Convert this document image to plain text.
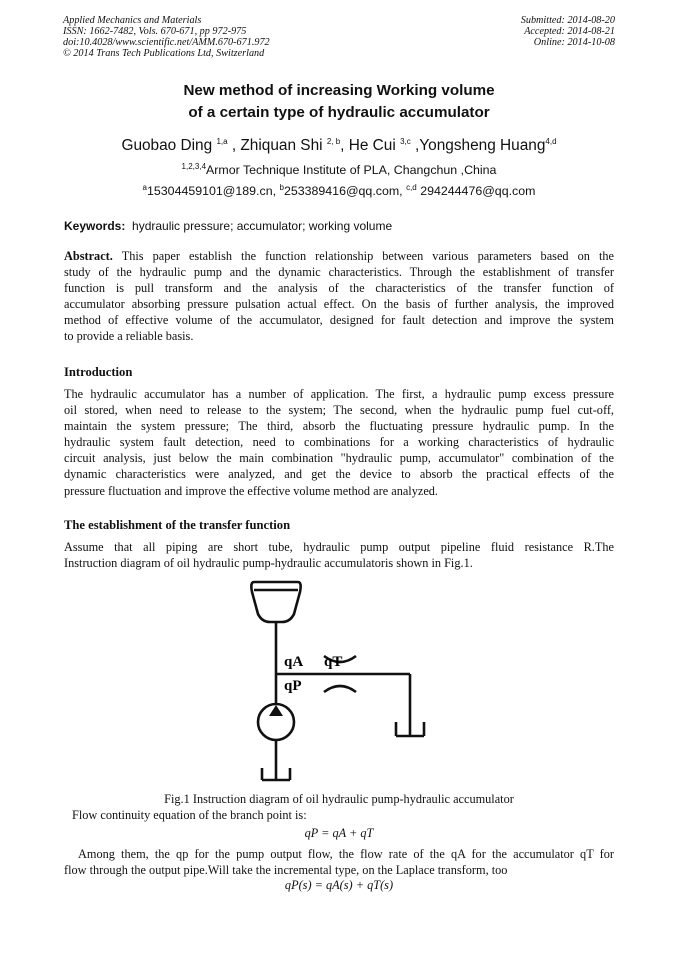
Applied Mechanics and Materials
ISSN: 1662-7482, Vols. 670-671, pp 972-975
doi:10.4028/www.scientific.net/AMM.670-671.972
© 2014 Trans Tech Publications Ltd, Switzerland
Submitted: 2014-08-20
Accepted: 2014-08-21
Online: 2014-10-08
New method of increasing Working volume
of a certain type of hydraulic accumulator
Guobao Ding $^{1,a}$ , Zhiquan Shi $^{2, b}$, He Cui $^{3,c}$ ,Yongsheng Huang$^{4,d}$
$^{1,2,3,4}$Armor Technique Institute of PLA, Changchun ,China
$^a$15304459101@189.cn, $^b$253389416@qq.com, $^{c,d}$ 294244476@qq.com
Keywords: hydraulic pressure; accumulator; working volume
Abstract. This paper establish the function relationship between various parameters based on the
study of the hydraulic pump and the dynamic characteristics. Through the establishment of transfer
function is pull transform and the analysis of the characteristics of the transfer function of
accumulator absorbing pressure pulsation actual effect. On the basis of further analysis, the improved
method of effective volume of the accumulator, designed for fault detection and improve the system
to provide a reliable basis.
Introduction
The hydraulic accumulator has a number of application. The first, a hydraulic pump excess pressure
oil stored, when need to release to the system; The second, when the hydraulic pump fuel cut-off,
maintain the system pressure; The third, absorb the fluctuating pressure hydraulic pump. In the
hydraulic system fault detection, need to combinations for a working characteristics of hydraulic
circuit analysis, just below the main combination "hydraulic pump, accumulator" combination of the
dynamic characteristics were analyzed, and get the device to absorb the practical effects of the
pressure fluctuation and improve the effective volume method are analyzed.
The establishment of the transfer function
Assume that all piping are short tube, hydraulic pump output pipeline fluid resistance R.The
Instruction diagram of oil hydraulic pump-hydraulic accumulatoris shown in Fig.1.
qA qT
qP
Fig.1 Instruction diagram of oil hydraulic pump-hydraulic accumulator
Flow continuity equation of the branch point is:
qP = qA + qT
Among them, the qp for the pump output flow, the flow rate of the qA for the accumulator qT for
flow through the output pipe.Will take the incremental type, on the Laplace transform, too
qP(s) = qA(s) + qT(s)
